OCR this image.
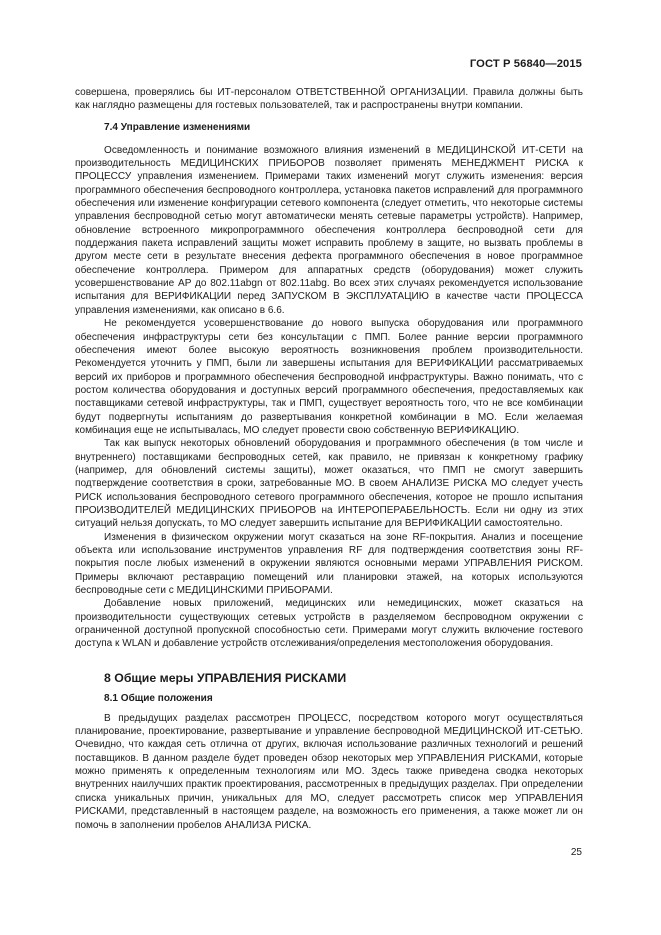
ГОСТ Р 56840—2015

совершена, проверялись бы ИТ-персоналом ОТВЕТСТВЕННОЙ ОРГАНИЗАЦИИ. Правила должны быть как наглядно размещены для гостевых пользователей, так и распространены внутри компании.

7.4 Управление изменениями

Осведомленность и понимание возможного влияния изменений в МЕДИЦИНСКОЙ ИТ-СЕТИ на производительность МЕДИЦИНСКИХ ПРИБОРОВ позволяет применять МЕНЕДЖМЕНТ РИСКА к ПРОЦЕССУ управления изменением. Примерами таких изменений могут служить изменения: версия программного обеспечения беспроводного контроллера, установка пакетов исправлений для программного обеспечения или изменение конфигурации сетевого компонента (следует отметить, что некоторые системы управления беспроводной сетью могут автоматически менять сетевые параметры устройств). Например, обновление встроенного микропрограммного обеспечения контроллера беспроводной сети для поддержания пакета исправлений защиты может исправить проблему в защите, но вызвать проблемы в другом месте сети в результате внесения дефекта программного обеспечения в новое программное обеспечение контроллера. Примером для аппаратных средств (оборудования) может служить усовершенствование AP до 802.11abgn от 802.11abg. Во всех этих случаях рекомендуется использование испытания для ВЕРИФИКАЦИИ перед ЗАПУСКОМ В ЭКСПЛУАТАЦИЮ в качестве части ПРОЦЕССА управления изменениями, как описано в 6.6.

Не рекомендуется усовершенствование до нового выпуска оборудования или программного обеспечения инфраструктуры сети без консультации с ПМП. Более ранние версии программного обеспечения имеют более высокую вероятность возникновения проблем производительности. Рекомендуется уточнить у ПМП, были ли завершены испытания для ВЕРИФИКАЦИИ рассматриваемых версий их приборов и программного обеспечения беспроводной инфраструктуры. Важно понимать, что с ростом количества оборудования и доступных версий программного обеспечения, предоставляемых как поставщиками сетевой инфраструктуры, так и ПМП, существует вероятность того, что не все комбинации будут подвергнуты испытаниям до развертывания конкретной комбинации в МО. Если желаемая комбинация еще не испытывалась, МО следует провести свою собственную ВЕРИФИКАЦИЮ.

Так как выпуск некоторых обновлений оборудования и программного обеспечения (в том числе и внутреннего) поставщиками беспроводных сетей, как правило, не привязан к конкретному графику (например, для обновлений системы защиты), может оказаться, что ПМП не смогут завершить подтверждение соответствия в сроки, затребованные МО. В своем АНАЛИЗЕ РИСКА МО следует учесть РИСК использования беспроводного сетевого программного обеспечения, которое не прошло испытания ПРОИЗВОДИТЕЛЕЙ МЕДИЦИНСКИХ ПРИБОРОВ на ИНТЕРОПЕРАБЕЛЬНОСТЬ. Если ни одну из этих ситуаций нельзя допускать, то МО следует завершить испытание для ВЕРИФИКАЦИИ самостоятельно.

Изменения в физическом окружении могут сказаться на зоне RF-покрытия. Анализ и посещение объекта или использование инструментов управления RF для подтверждения соответствия зоны RF-покрытия после любых изменений в окружении являются основными мерами УПРАВЛЕНИЯ РИСКОМ. Примеры включают реставрацию помещений или планировки этажей, на которых используются беспроводные сети с МЕДИЦИНСКИМИ ПРИБОРАМИ.

Добавление новых приложений, медицинских или немедицинских, может сказаться на производительности существующих сетевых устройств в разделяемом беспроводном окружении с ограниченной доступной пропускной способностью сети. Примерами могут служить включение гостевого доступа к WLAN и добавление устройств отслеживания/определения местоположения оборудования.

8 Общие меры УПРАВЛЕНИЯ РИСКАМИ
8.1 Общие положения

В предыдущих разделах рассмотрен ПРОЦЕСС, посредством которого могут осуществляться планирование, проектирование, развертывание и управление беспроводной МЕДИЦИНСКОЙ ИТ-СЕТЬЮ. Очевидно, что каждая сеть отлична от других, включая использование различных технологий и решений поставщиков. В данном разделе будет проведен обзор некоторых мер УПРАВЛЕНИЯ РИСКАМИ, которые можно применять к определенным технологиям или МО. Здесь также приведена сводка некоторых внутренних наилучших практик проектирования, рассмотренных в предыдущих разделах. При определении списка уникальных причин, уникальных для МО, следует рассмотреть список мер УПРАВЛЕНИЯ РИСКАМИ, представленный в настоящем разделе, на возможность его применения, а также может ли он помочь в заполнении пробелов АНАЛИЗА РИСКА.

25
